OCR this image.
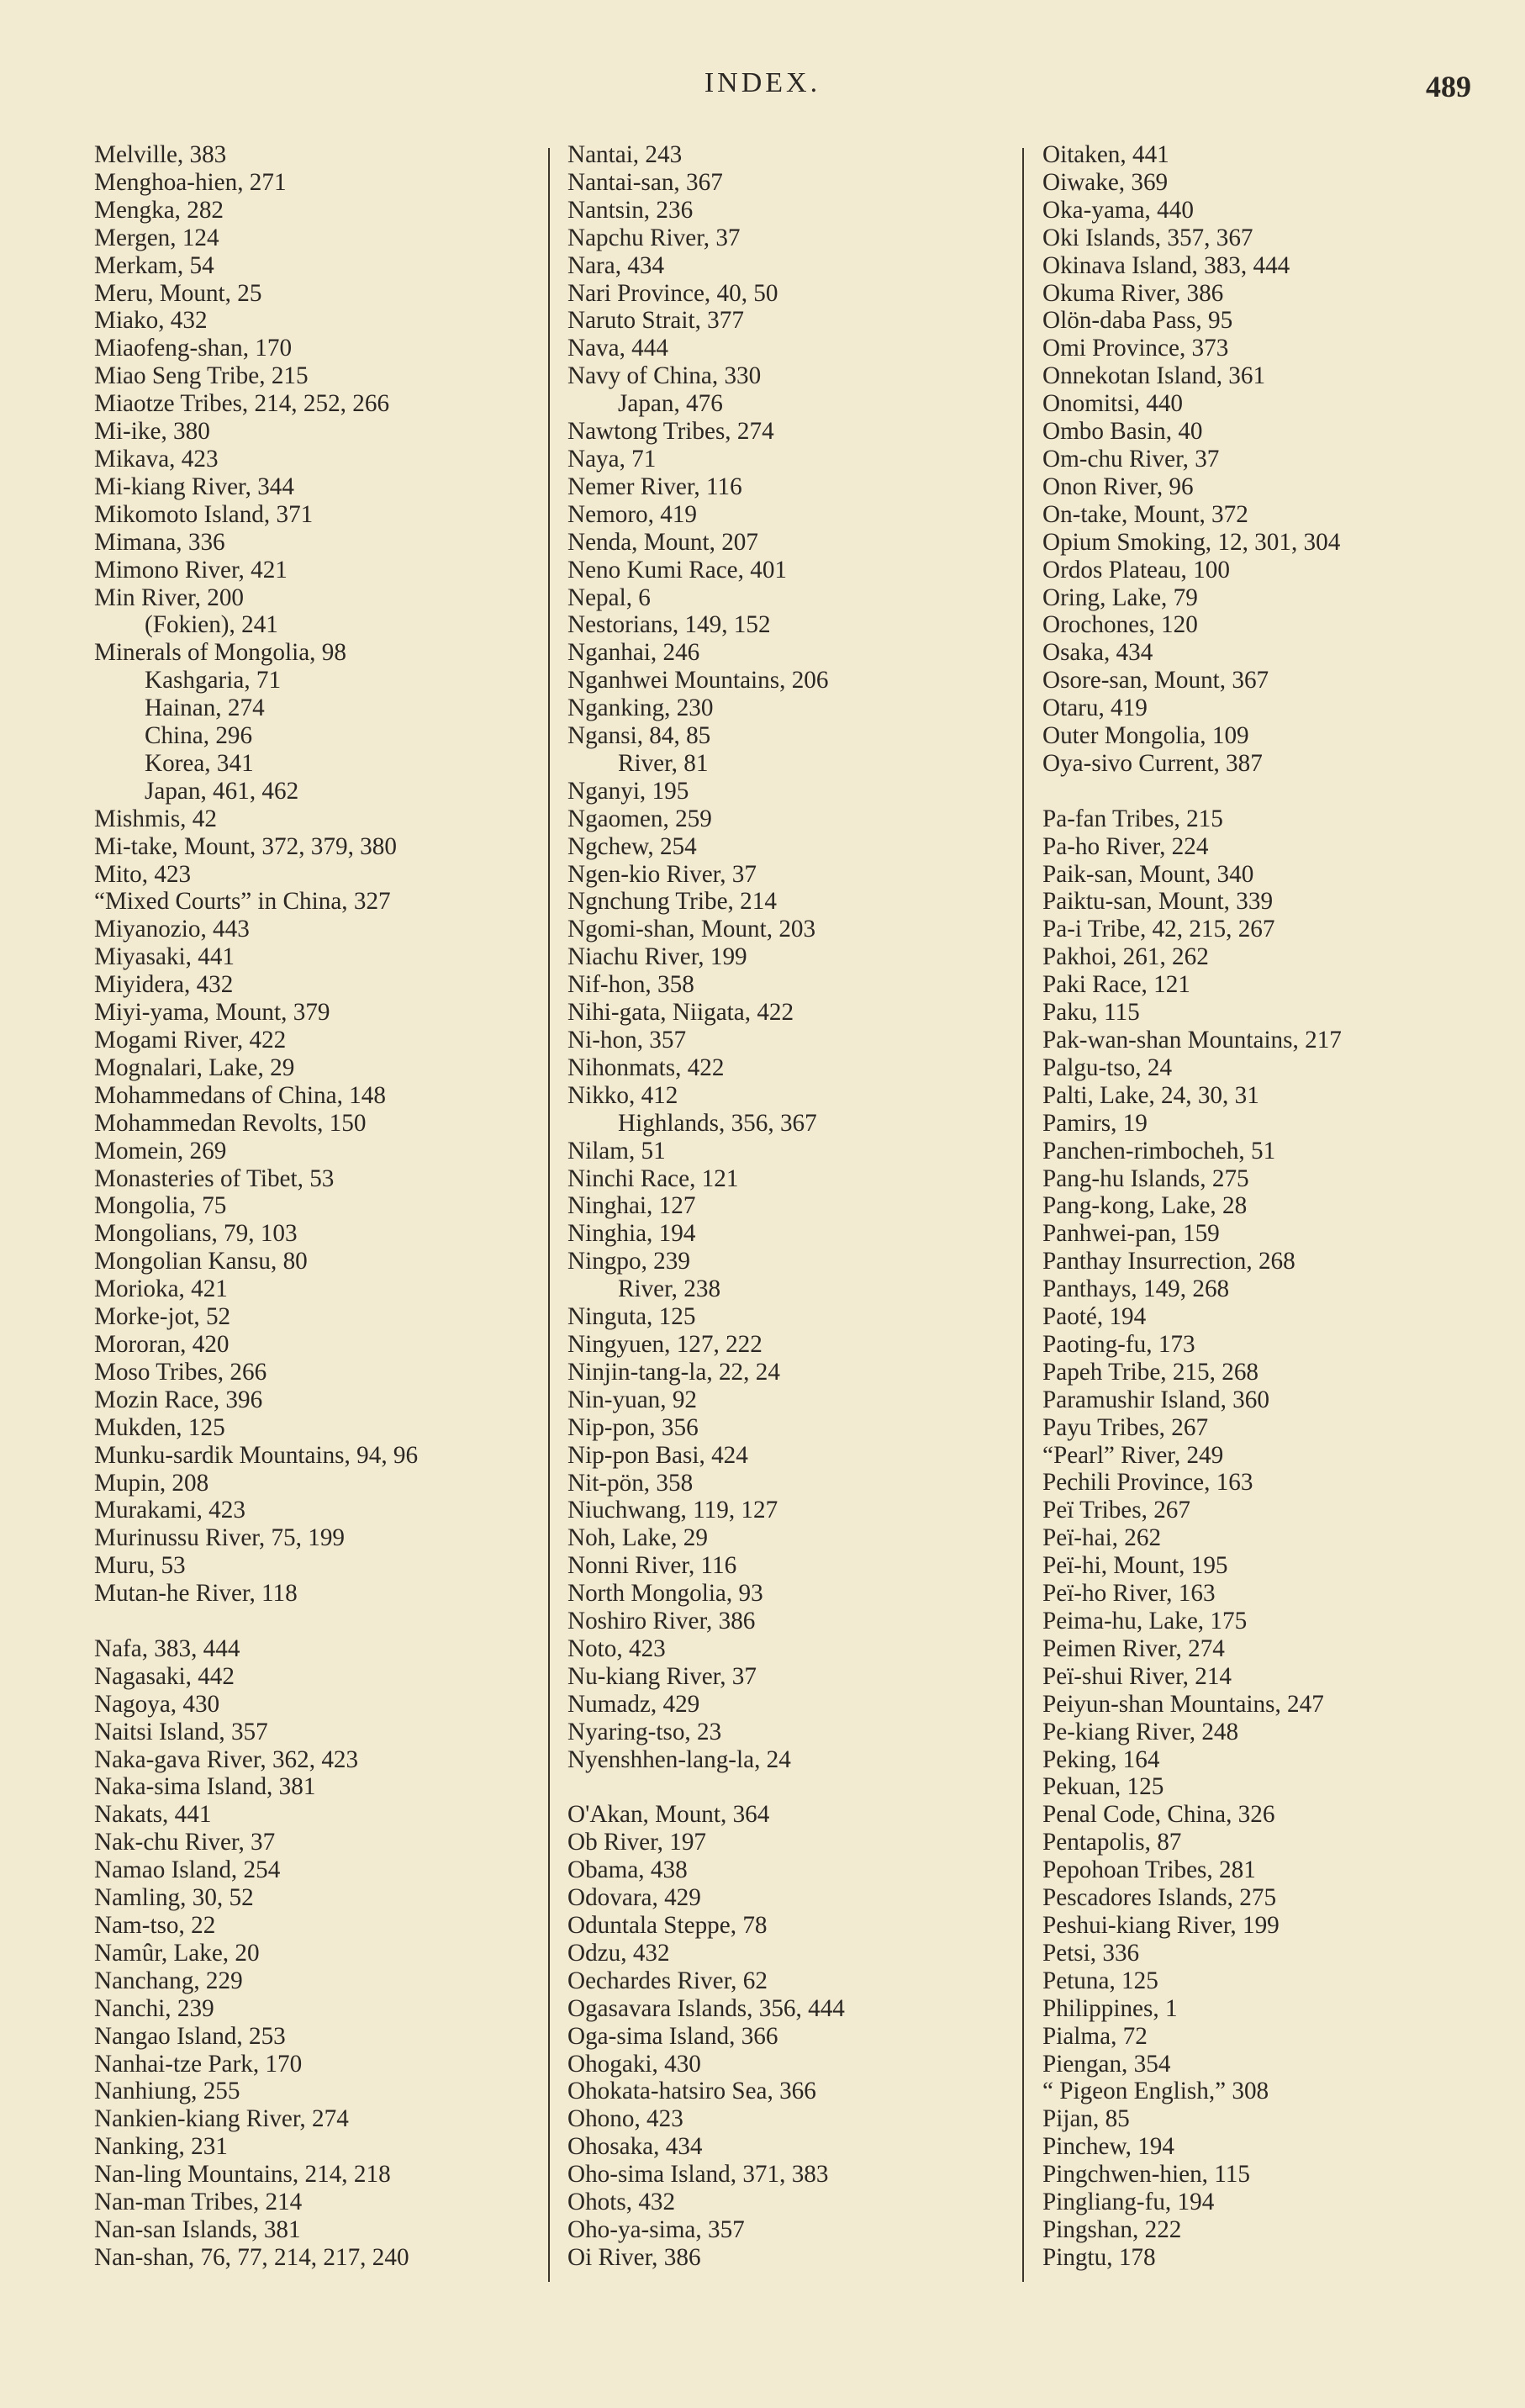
INDEX.	489
Melville, 383
Menghoa-hien, 271
Mengka, 282
Mergen, 124
Merkam, 54
Meru, Mount, 25
Miako, 432
Miaofeng-shan, 170
Miao Seng Tribe, 215
Miaotze Tribes, 214, 252, 266
Mi-ike, 380
Mikava, 423
Mi-kiang River, 344
Mikomoto Island, 371
Mimana, 336
Mimono River, 421
Min River, 200
(Fokien), 241
Minerals of Mongolia, 98
Kashgaria, 71
Hainan, 274
China, 296
Korea, 341
Japan, 461, 462
Mishmis, 42
Mi-take, Mount, 372, 379, 380
Mito, 423
“Mixed Courts” in China, 327
Miyanozio, 443
Miyasaki, 441
Miyidera, 432
Miyi-yama, Mount, 379
Mogami River, 422
Mognalari, Lake, 29
Mohammedans of China, 148
Mohammedan Revolts, 150
Momein, 269
Monasteries of Tibet, 53
Mongolia, 75
Mongolians, 79, 103
Mongolian Kansu, 80
Morioka, 421
Morke-jot, 52
Mororan, 420
Moso Tribes, 266
Mozin Race, 396
Mukden, 125
Munku-sardik Mountains, 94, 96
Mupin, 208
Murakami, 423
Murinussu River, 75, 199
Muru, 53
Mutan-he River, 118
Nafa, 383, 444
Nagasaki, 442
Nagoya, 430
Naitsi Island, 357
Naka-gava River, 362, 423
Naka-sima Island, 381
Nakats, 441
Nak-chu River, 37
Namao Island, 254
Namling, 30, 52
Nam-tso, 22
Namûr, Lake, 20
Nanchang, 229
Nanchi, 239
Nangao Island, 253
Nanhai-tze Park, 170
Nanhiung, 255
Nankien-kiang River, 274
Nanking, 231
Nan-ling Mountains, 214, 218
Nan-man Tribes, 214
Nan-san Islands, 381
Nan-shan, 76, 77, 214, 217, 240
Nantai, 243
Nantai-san, 367
Nantsin, 236
Napchu River, 37
Nara, 434
Nari Province, 40, 50
Naruto Strait, 377
Nava, 444
Navy of China, 330
Japan, 476
Nawtong Tribes, 274
Naya, 71
Nemer River, 116
Nemoro, 419
Nenda, Mount, 207
Neno Kumi Race, 401
Nepal, 6
Nestorians, 149, 152
Nganhai, 246
Nganhwei Mountains, 206
Nganking, 230
Ngansi, 84, 85
River, 81
Nganyi, 195
Ngaomen, 259
Ngchew, 254
Ngen-kio River, 37
Ngnchung Tribe, 214
Ngomi-shan, Mount, 203
Niachu River, 199
Nif-hon, 358
Nihi-gata, Niigata, 422
Ni-hon, 357
Nihonmats, 422
Nikko, 412
Highlands, 356, 367
Nilam, 51
Ninchi Race, 121
Ninghai, 127
Ninghia, 194
Ningpo, 239
River, 238
Ninguta, 125
Ningyuen, 127, 222
Ninjin-tang-la, 22, 24
Nin-yuan, 92
Nip-pon, 356
Nip-pon Basi, 424
Nit-pön, 358
Niuchwang, 119, 127
Noh, Lake, 29
Nonni River, 116
North Mongolia, 93
Noshiro River, 386
Noto, 423
Nu-kiang River, 37
Numadz, 429
Nyaring-tso, 23
Nyenshhen-lang-la, 24
O'Akan, Mount, 364
Ob River, 197
Obama, 438
Odovara, 429
Oduntala Steppe, 78
Odzu, 432
Oechardes River, 62
Ogasavara Islands, 356, 444
Oga-sima Island, 366
Ohogaki, 430
Ohokata-hatsiro Sea, 366
Ohono, 423
Ohosaka, 434
Oho-sima Island, 371, 383
Ohots, 432
Oho-ya-sima, 357
Oi River, 386
Oitaken, 441
Oiwake, 369
Oka-yama, 440
Oki Islands, 357, 367
Okinava Island, 383, 444
Okuma River, 386
Olön-daba Pass, 95
Omi Province, 373
Onnekotan Island, 361
Onomitsi, 440
Ombo Basin, 40
Om-chu River, 37
Onon River, 96
On-take, Mount, 372
Opium Smoking, 12, 301, 304
Ordos Plateau, 100
Oring, Lake, 79
Orochones, 120
Osaka, 434
Osore-san, Mount, 367
Otaru, 419
Outer Mongolia, 109
Oya-sivo Current, 387
Pa-fan Tribes, 215
Pa-ho River, 224
Paik-san, Mount, 340
Paiktu-san, Mount, 339
Pa-i Tribe, 42, 215, 267
Pakhoi, 261, 262
Paki Race, 121
Paku, 115
Pak-wan-shan Mountains, 217
Palgu-tso, 24
Palti, Lake, 24, 30, 31
Pamirs, 19
Panchen-rimbocheh, 51
Pang-hu Islands, 275
Pang-kong, Lake, 28
Panhwei-pan, 159
Panthay Insurrection, 268
Panthays, 149, 268
Paoté, 194
Paoting-fu, 173
Papeh Tribe, 215, 268
Paramushir Island, 360
Payu Tribes, 267
“Pearl” River, 249
Pechili Province, 163
Peï Tribes, 267
Peï-hai, 262
Peï-hi, Mount, 195
Peï-ho River, 163
Peima-hu, Lake, 175
Peimen River, 274
Peï-shui River, 214
Peiyun-shan Mountains, 247
Pe-kiang River, 248
Peking, 164
Pekuan, 125
Penal Code, China, 326
Pentapolis, 87
Pepohoan Tribes, 281
Pescadores Islands, 275
Peshui-kiang River, 199
Petsi, 336
Petuna, 125
Philippines, 1
Pialma, 72
Piengan, 354
“ Pigeon English,” 308
Pijan, 85
Pinchew, 194
Pingchwen-hien, 115
Pingliang-fu, 194
Pingshan, 222
Pingtu, 178
